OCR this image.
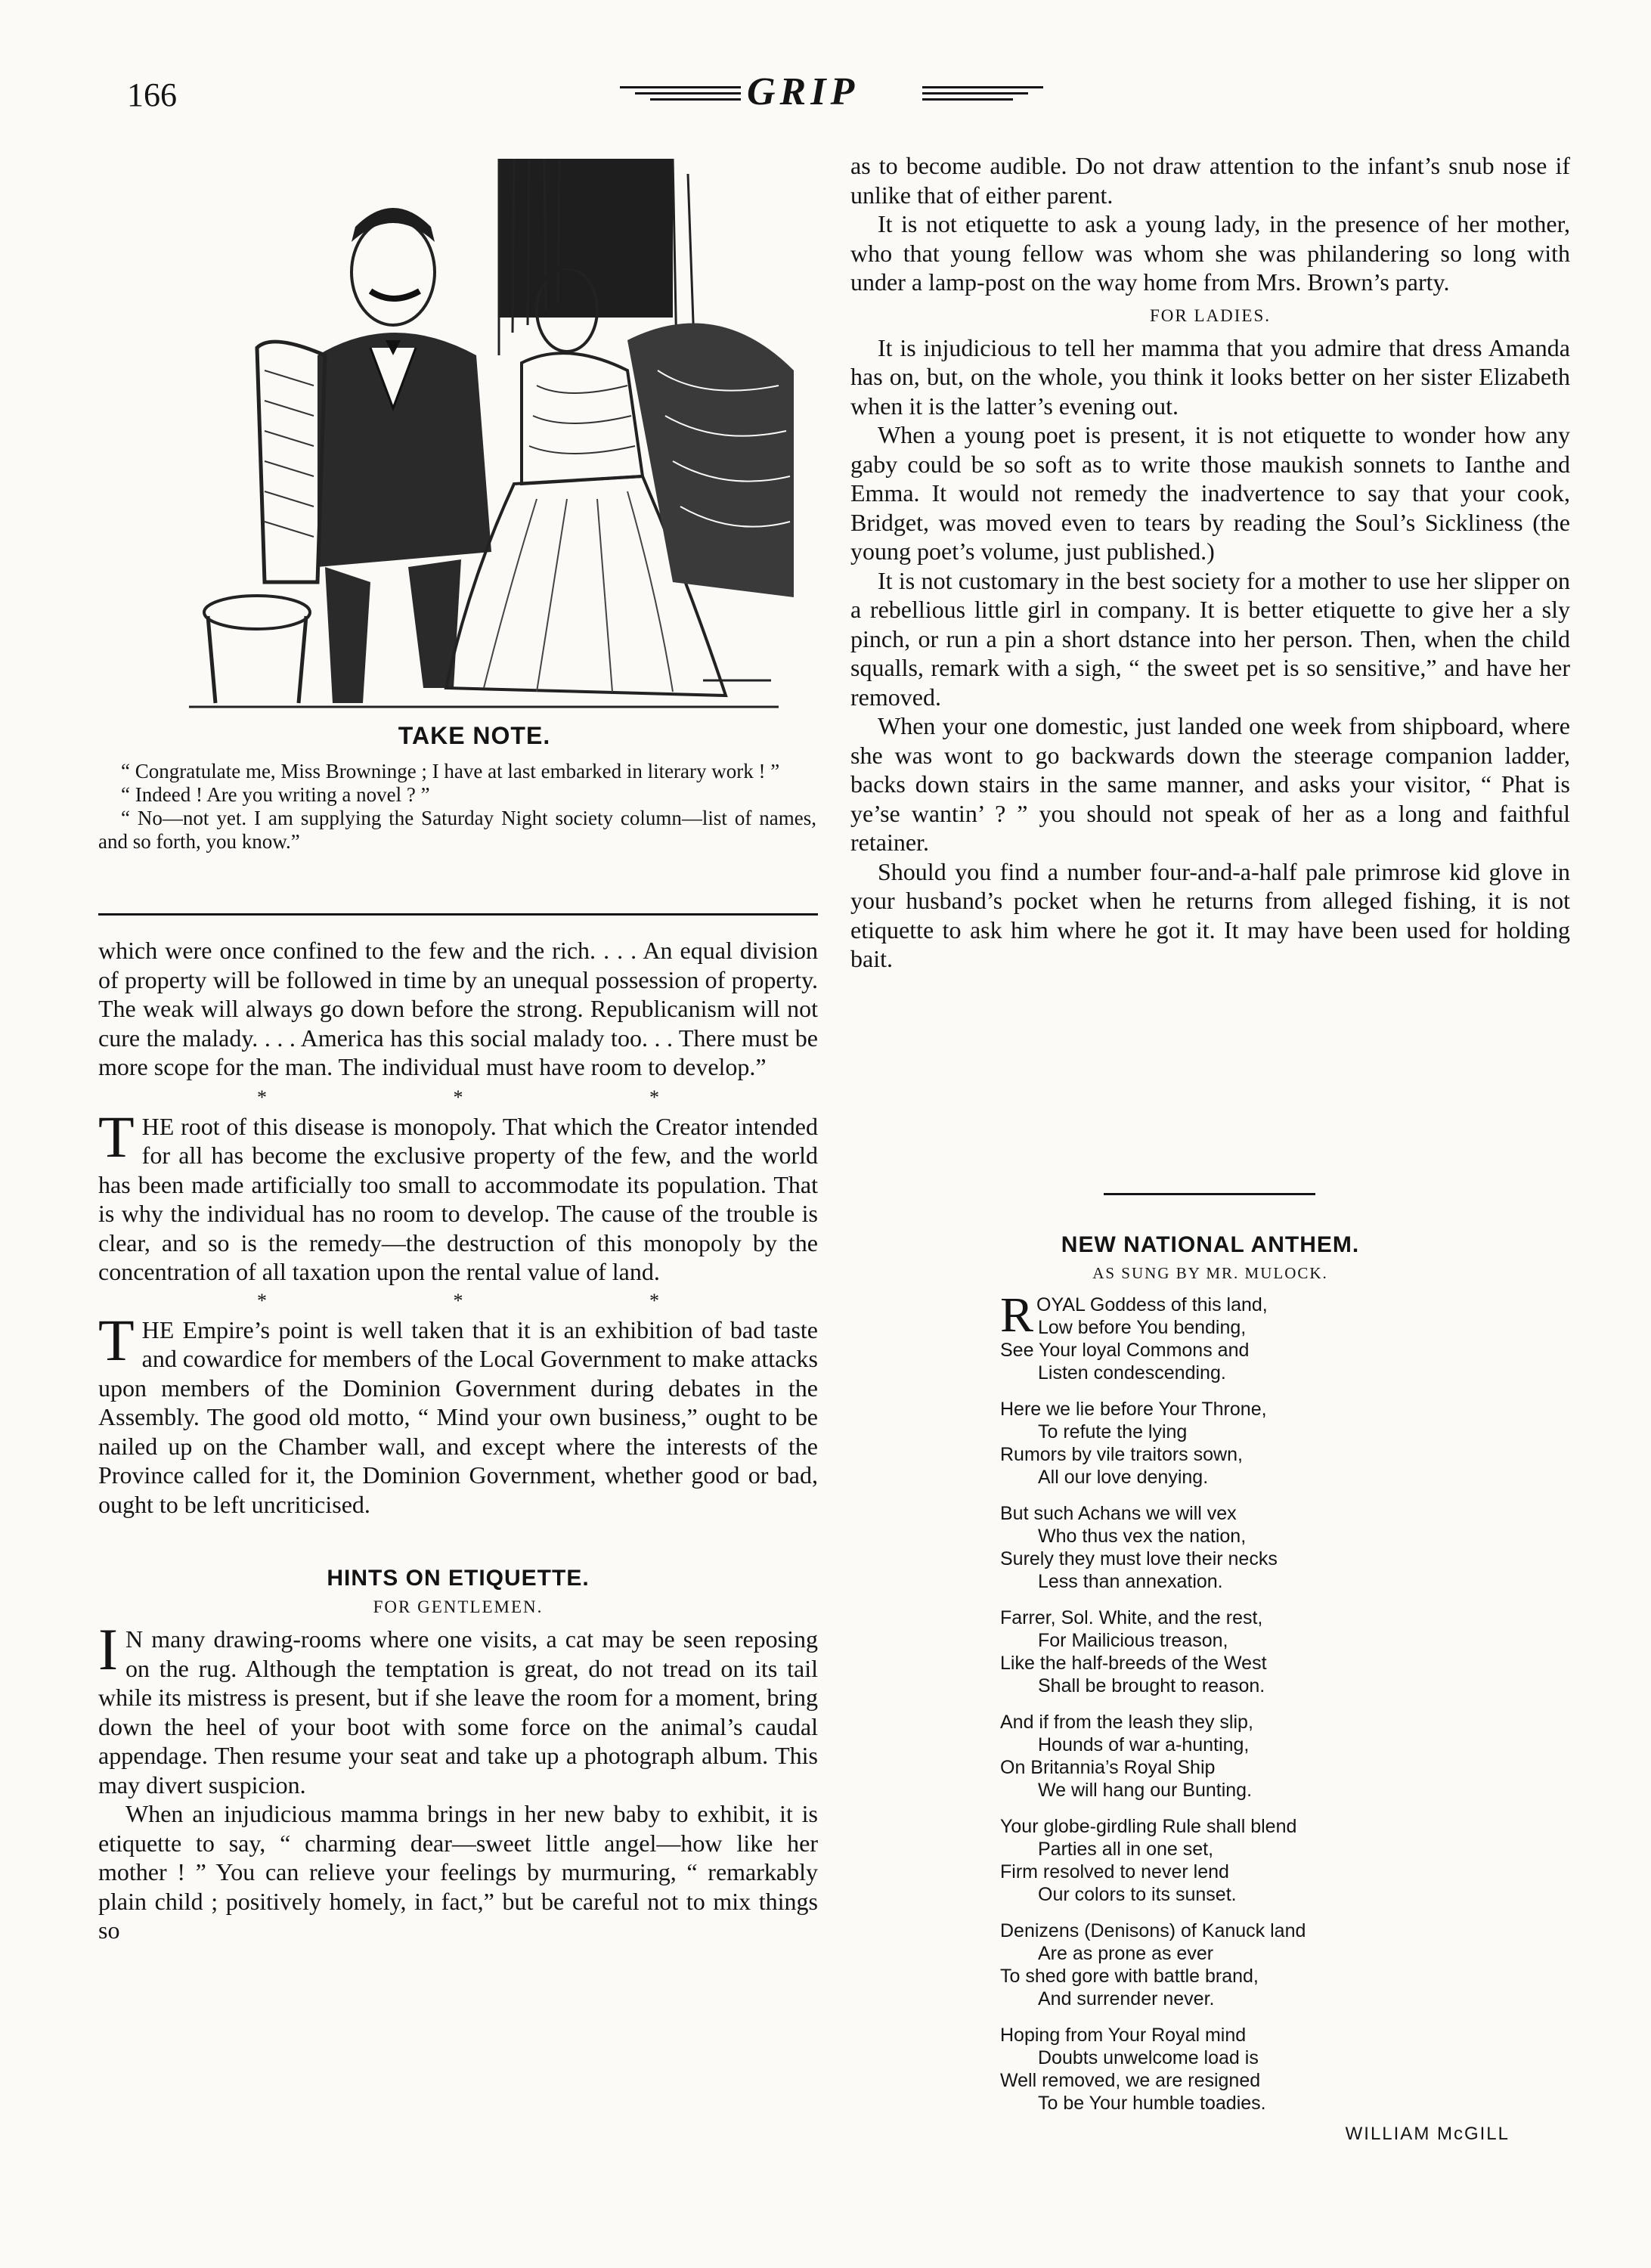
166	GRIP
TAKE NOTE.

“ Congratulate me, Miss Browninge ; I have at last embarked in literary work ! ”

“ Indeed ! Are you writing a novel ? ”

“ No—not yet. I am supplying the Saturday Night society column—list of names, and so forth, you know.”

which were once confined to the few and the rich. . . . An equal division of property will be followed in time by an unequal possession of property. The weak will always go down before the strong. Republicanism will not cure the malady. . . . America has this social malady too. . . There must be more scope for the man. The individual must have room to develop.”

* * *

THE root of this disease is monopoly. That which the Creator intended for all has become the exclusive property of the few, and the world has been made artificially too small to accommodate its population. That is why the individual has no room to develop. The cause of the trouble is clear, and so is the remedy—the destruction of this monopoly by the concentration of all taxation upon the rental value of land.

* * *

THE Empire’s point is well taken that it is an exhibition of bad taste and cowardice for members of the Local Government to make attacks upon members of the Dominion Government during debates in the Assembly. The good old motto, “ Mind your own business,” ought to be nailed up on the Chamber wall, and except where the interests of the Province called for it, the Dominion Government, whether good or bad, ought to be left uncriticised.

HINTS ON ETIQUETTE.
FOR GENTLEMEN.

I N many drawing-rooms where one visits, a cat may be seen reposing on the rug. Although the temptation is great, do not tread on its tail while its mistress is present, but if she leave the room for a moment, bring down the heel of your boot with some force on the animal’s caudal appendage. Then resume your seat and take up a photograph album. This may divert suspicion.

When an injudicious mamma brings in her new baby to exhibit, it is etiquette to say, “ charming dear—sweet little angel—how like her mother ! ” You can relieve your feelings by murmuring, “ remarkably plain child ; positively homely, in fact,” but be careful not to mix things so

as to become audible. Do not draw attention to the infant’s snub nose if unlike that of either parent.

It is not etiquette to ask a young lady, in the presence of her mother, who that young fellow was whom she was philandering so long with under a lamp-post on the way home from Mrs. Brown’s party.

FOR LADIES.

It is injudicious to tell her mamma that you admire that dress Amanda has on, but, on the whole, you think it looks better on her sister Elizabeth when it is the latter’s evening out.

When a young poet is present, it is not etiquette to wonder how any gaby could be so soft as to write those maukish sonnets to Ianthe and Emma. It would not remedy the inadvertence to say that your cook, Bridget, was moved even to tears by reading the Soul’s Sickliness (the young poet’s volume, just published.)

It is not customary in the best society for a mother to use her slipper on a rebellious little girl in company. It is better etiquette to give her a sly pinch, or run a pin a short dstance into her person. Then, when the child squalls, remark with a sigh, “ the sweet pet is so sensitive,” and have her removed.

When your one domestic, just landed one week from shipboard, where she was wont to go backwards down the steerage companion ladder, backs down stairs in the same manner, and asks your visitor, “ Phat is ye’se wantin’ ? ” you should not speak of her as a long and faithful retainer.

Should you find a number four-and-a-half pale primrose kid glove in your husband’s pocket when he returns from alleged fishing, it is not etiquette to ask him where he got it. It may have been used for holding bait.

NEW NATIONAL ANTHEM.
AS SUNG BY MR. MULOCK.
ROYAL Goddess of this land,
Low before You bending,
See Your loyal Commons and
Listen condescending.
Here we lie before Your Throne,
To refute the lying
Rumors by vile traitors sown,
All our love denying.
But such Achans we will vex
Who thus vex the nation,
Surely they must love their necks
Less than annexation.
Farrer, Sol. White, and the rest,
For Mailicious treason,
Like the half-breeds of the West
Shall be brought to reason.
And if from the leash they slip,
Hounds of war a-hunting,
On Britannia’s Royal Ship
We will hang our Bunting.
Your globe-girdling Rule shall blend
Parties all in one set,
Firm resolved to never lend
Our colors to its sunset.
Denizens (Denisons) of Kanuck land
Are as prone as ever
To shed gore with battle brand,
And surrender never.
Hoping from Your Royal mind
Doubts unwelcome load is
Well removed, we are resigned
To be Your humble toadies.
WILLIAM McGILL
